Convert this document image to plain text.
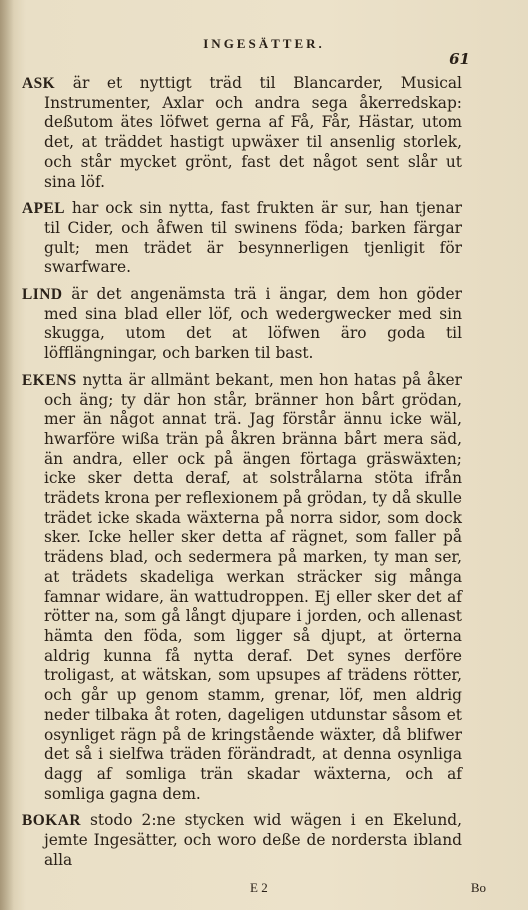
INGESÄTTER.
61

ASK är et nyttigt träd til Blancarder, Musical Instrumenter, Axlar och andra sega åkerredskap: deßutom ätes löfwet gerna af Få, Får, Hästar, utom det, at träddet hastigt upwäxer til ansenlig storlek, och står mycket grönt, fast det något sent slår ut sina löf.

APEL har ock sin nytta, fast frukten är sur, han tjenar til Cider, och åfwen til swinens föda; barken färgar gult; men trädet är besynnerligen tjenligit för swarfware.

LIND är det angenämsta trä i ängar, dem hon göder med sina blad eller löf, och wedergwecker med sin skugga, utom det at löfwen äro goda til löfflängningar, och barken til bast.

EKENS nytta är allmänt bekant, men hon hatas på åker och äng; ty där hon står, bränner hon bårt grödan, mer än något annat trä. Jag förstår ännu icke wäl, hwarföre wißa trän på åkren bränna bårt mera säd, än andra, eller ock på ängen förtaga gräswäxten; icke sker detta deraf, at solstrålarna stöta ifrån trädets krona per reflexionem på grödan, ty då skulle trädet icke skada wäxterna på norra sidor, som dock sker. Icke heller sker detta af rägnet, som faller på trädens blad, och sedermera på marken, ty man ser, at trädets skadeliga werkan sträcker sig många famnar widare, än wattudroppen. Ej eller sker det af rötter na, som gå långt djupare i jorden, och allenast hämta den föda, som ligger så djupt, at örterna aldrig kunna få nytta deraf. Det synes derföre troligast, at wätskan, som upsupes af trädens rötter, och går up genom stamm, grenar, löf, men aldrig neder tilbaka åt roten, dageligen utdunstar såsom et osynliget rägn på de kringstående wäxter, då blifwer det så i sielfwa träden förändradt, at denna osynliga dagg af somliga trän skadar wäxterna, och af somliga gagna dem.

BOKAR stodo 2:ne stycken wid wägen i en Ekelund, jemte Ingesätter, och woro deße de nordersta ibland alla

E 2	Bo
